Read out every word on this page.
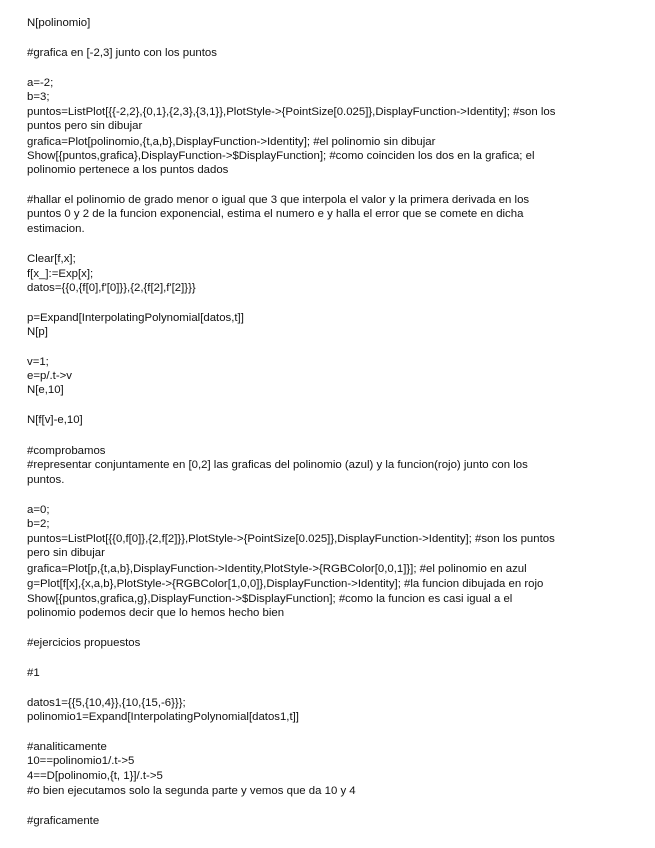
N[polinomio]
#grafica en [-2,3] junto con los puntos
a=-2;
b=3;
puntos=ListPlot[{{-2,2},{0,1},{2,3},{3,1}},PlotStyle->{PointSize[0.025]},DisplayFunction->Identity]; #son los
puntos pero sin dibujar
grafica=Plot[polinomio,{t,a,b},DisplayFunction->Identity]; #el polinomio sin dibujar
Show[{puntos,grafica},DisplayFunction->$DisplayFunction]; #como coinciden los dos en la grafica; el
polinomio pertenece a los puntos dados
#hallar el polinomio de grado menor o igual que 3 que interpola el valor y la primera derivada en los
puntos 0 y 2 de la funcion exponencial, estima el numero e y halla el error que se comete en dicha
estimacion.
Clear[f,x];
f[x_]:=Exp[x];
datos={{0,{f[0],f'[0]}},{2,{f[2],f'[2]}}}
p=Expand[InterpolatingPolynomial[datos,t]]
N[p]
v=1;
e=p/.t->v
N[e,10]
N[f[v]-e,10]
#comprobamos
#representar conjuntamente en [0,2] las graficas del polinomio (azul) y la funcion(rojo) junto con los
puntos.
a=0;
b=2;
puntos=ListPlot[{{0,f[0]},{2,f[2]}},PlotStyle->{PointSize[0.025]},DisplayFunction->Identity]; #son los puntos
pero sin dibujar
grafica=Plot[p,{t,a,b},DisplayFunction->Identity,PlotStyle->{RGBColor[0,0,1]}]; #el polinomio en azul
g=Plot[f[x],{x,a,b},PlotStyle->{RGBColor[1,0,0]},DisplayFunction->Identity]; #la funcion dibujada en rojo
Show[{puntos,grafica,g},DisplayFunction->$DisplayFunction]; #como la funcion es casi igual a el
polinomio podemos decir que lo hemos hecho bien
#ejercicios propuestos
#1
datos1={{5,{10,4}},{10,{15,-6}}};
polinomio1=Expand[InterpolatingPolynomial[datos1,t]]
#analiticamente
10==polinomio1/.t->5
4==D[polinomio,{t, 1}]/.t->5
#o bien ejecutamos solo la segunda parte y vemos que da 10 y 4
#graficamente
